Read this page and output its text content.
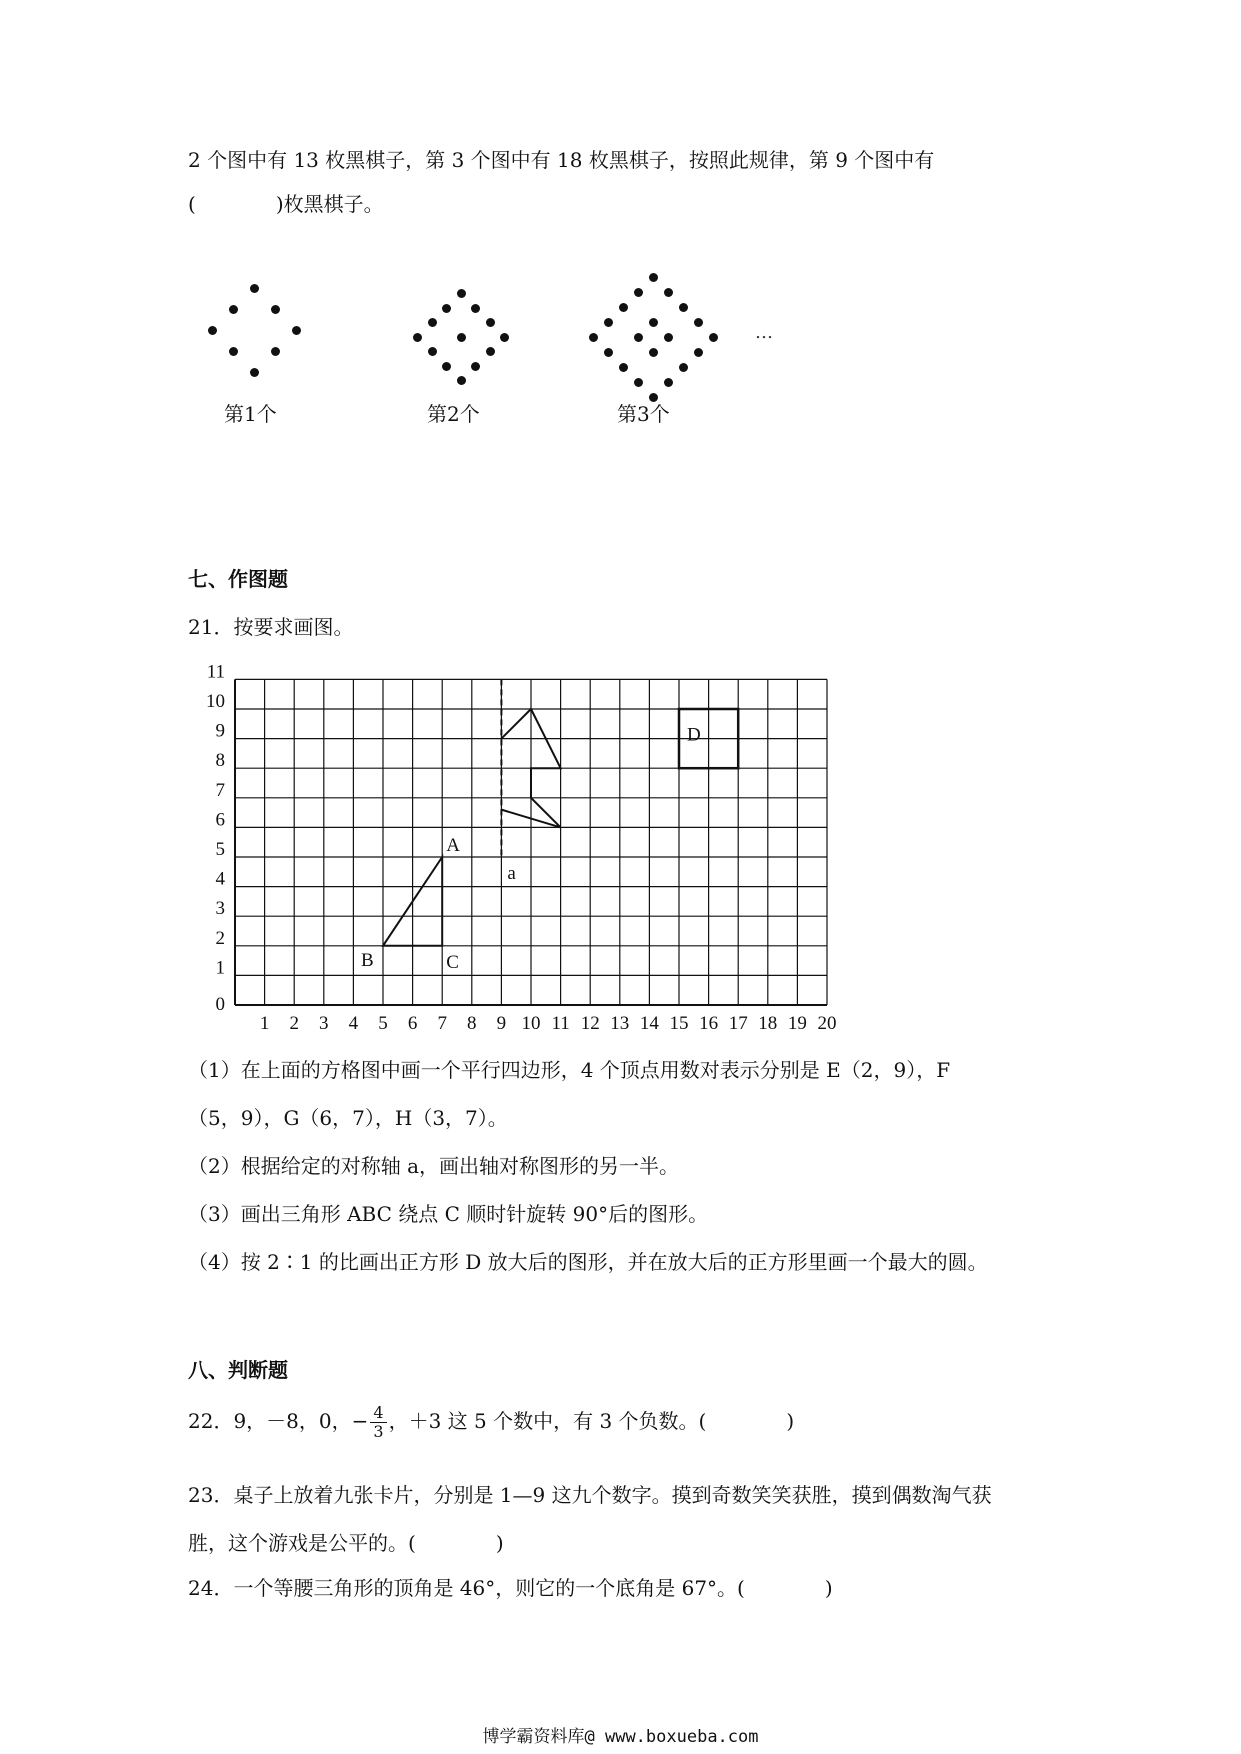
2 个图中有 13 枚黑棋子，第 3 个图中有 18 枚黑棋子，按照此规律，第 9 个图中有
(	)枚黑棋子。
第1个	第2个	第3个
…
七、作图题
21．按要求画图。
1 2 3 4 5 6 7 8 9 10 11 12 13 14 15 16 17 18 19 20
0
1
2
3
4
5
6
7
8
9
10
11
A
B	C
D
a
（1）在上面的方格图中画一个平行四边形，4 个顶点用数对表示分别是 E（2，9），F
（5，9），G（6，7），H（3，7）。
（2）根据给定的对称轴 a，画出轴对称图形的另一半。
（3）画出三角形 ABC 绕点 C 顺时针旋转 90°后的图形。
（4）按 2∶1 的比画出正方形 D 放大后的图形，并在放大后的正方形里画一个最大的圆。
八、判断题
22．9，－8，0，− $\frac{4}{3}$ ，＋3 这 5 个数中，有 3 个负数。(	)
23．桌子上放着九张卡片，分别是 1—9 这九个数字。摸到奇数笑笑获胜，摸到偶数淘气获
胜，这个游戏是公平的。(	)
24．一个等腰三角形的顶角是 46°，则它的一个底角是 67°。(	)
博学霸资料库@ www.boxueba.com
